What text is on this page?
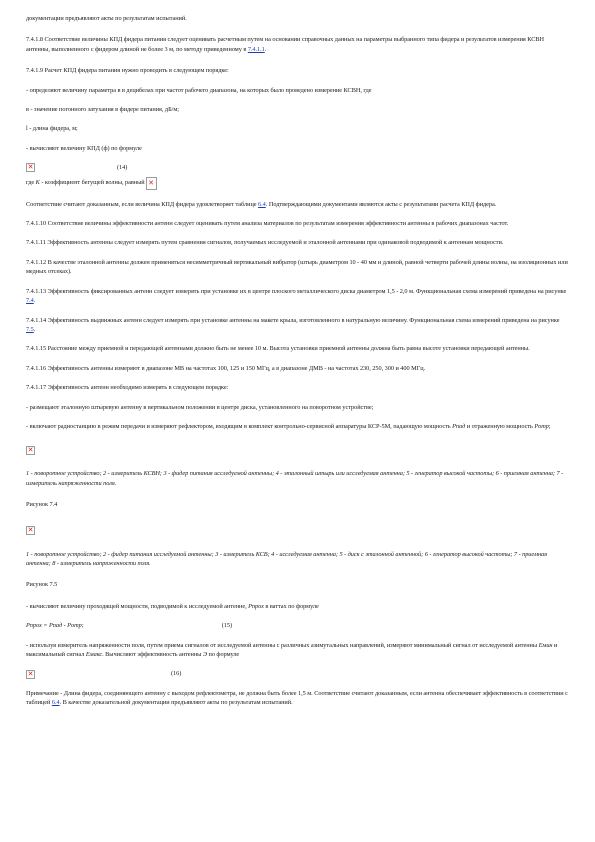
документации предъявляют акты по результатам испытаний.

7.4.1.8 Соответствие величины КПД фидера питания следует оценивать расчетным путем на основании справочных данных на параметры выбранного типа фидера и результатов измерения КСВН антенны, выполненного с фидером длиной не более 3 м, по методу приведенному в 7.4.1.1.

7.4.1.9 Расчет КПД фидера питания нужно проводить в следующем порядке:

- определяют величину параметра в в децибелах при частот рабочего диапазона, на которых было проведено измерение КСВН, где

в - значение погонного затухания в фидере питания, дБ/м;

l - длина фидера, м;

- вычисляют величину КПД (ф) по формуле

✕

(14)

где К - коэффициент бегущей волны, равный

✕

Соответствие считают доказанным, если величина КПД фидера удовлетворяет таблице 6.4. Подтверждающими документами являются акты с результатами расчета КПД фидера.

7.4.1.10 Соответствие величины эффективности антенн следует оценивать путем анализа материалов по результатам измерения эффективности антенны в рабочих диапазонах частот.

7.4.1.11 Эффективность антенны следует измерять путем сравнения сигналов, получаемых исследуемой и эталонной антеннами при одинаковой подводимой к антеннам мощности.

7.4.1.12 В качестве эталонной антенны должен применяться несимметричный вертикальный вибратор (штырь диаметром 10 - 40 мм и длиной, равной четверти рабочей длины волны, на изоляционных или медных отсеках).

7.4.1.13 Эффективность фиксированных антенн следует измерять при установке их в центре плоского металлического диска диаметром 1,5 - 2,0 м. Функциональная схема измерений приведена на рисунке 7.4.

7.4.1.14 Эффективность выдвижных антенн следует измерять при установке антенны на макете крыла, изготовленного в натуральную величину. Функциональная схема измерений приведена на рисунке 7.5.

7.4.1.15 Расстояние между приемной и передающей антеннами должно быть не менее 10 м. Высота установки приемной антенны должна быть равна высоте установки передающей антенны.

7.4.1.16 Эффективность антенны измеряют в диапазоне МВ на частотах 100, 125 и 150 МГц, а в диапазоне ДМВ - на частотах 230, 250, 300 и 400 МГц.

7.4.1.17 Эффективность антенн необходимо измерять в следующем порядке:

- размещают эталонную штыревую антенну в вертикальном положении в центре диска, установленного на поворотном устройстве;

- включают радиостанцию в режим передачи и измеряют рефлектором, входящим в комплект контрольно-сервисной аппаратуры КСР-5М, падающую мощность Pпад и отраженную мощность Pотр;

✕

1 - поворотное устройство; 2 - измеритель КСВН; 3 - фидер питания исследуемой антенны; 4 - эталонный штырь или исследуемая антенна; 5 - генератор высокой частоты; 6 - приемная антенна; 7 - измеритель напряженности поля.

Рисунок 7.4

✕

1 - поворотное устройство; 2 - фидер питания исследуемой антенны; 3 - измеритель КСВ; 4 - исследуемая антенна; 5 - диск с эталонной антенной; 6 - генератор высокой частоты; 7 - приемная антенна; 8 - измеритель напряженности поля.

Рисунок 7.5

- вычисляют величину проходящей мощности, подводимой к исследуемой антенне, Pпрох в ваттах по формуле

Pпрох = Pпад - Pотр;	(15)

- используя измеритель напряженности поля, путем приема сигналов от исследуемой антенны с различных азимутальных направлений, измеряют минимальный сигнал от исследуемой антенны Eмин и максимальный сигнал Eмакс. Вычисляют эффективность антенны Э по формуле

✕

(16)

Примечание - Длина фидера, соединяющего антенну с выходом рефлектометра, не должна быть более 1,5 м. Соответствие считают доказанным, если антенна обеспечивает эффективность в соответствии с таблицей 6.4. В качестве доказательной документации предъявляют акты по результатам испытаний.
